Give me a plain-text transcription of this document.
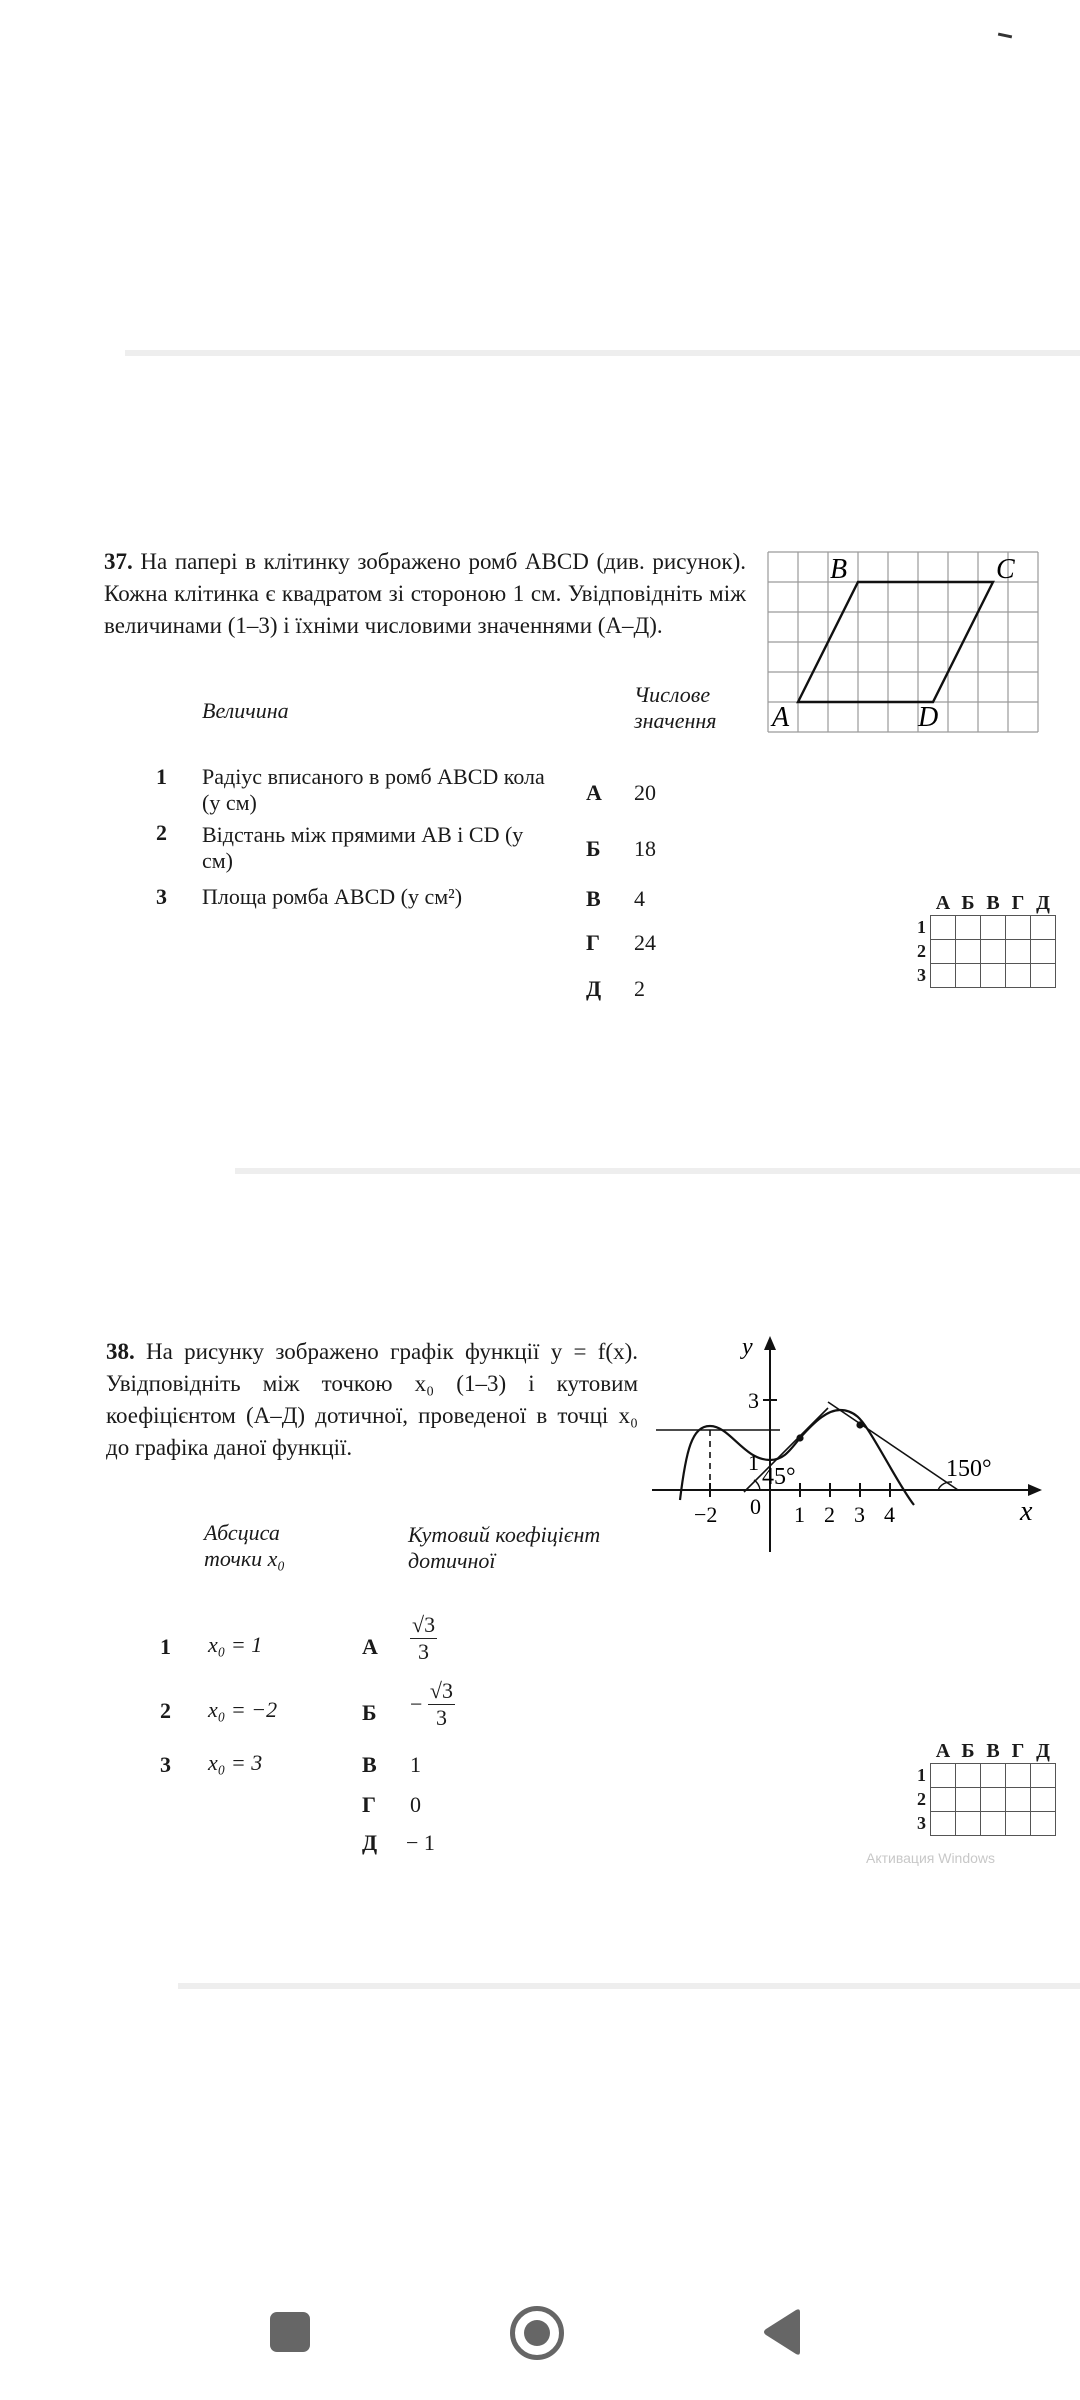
37. На папері в клітинку зображено ромб ABCD (див. рисунок). Кожна клітинка є квадратом зі стороною 1 см. Увідповідніть між величинами (1–3) і їхніми числовими значеннями (А–Д).
A
B	C
D
Величина
Числове значення
1 Радіус вписаного в ромб ABCD кола (у см)
2 Відстань між прямими AB і CD (у см)
3 Площа ромба ABCD (у см²)
А 20
Б 18
В 4
Г 24
Д 2
	А	Б	В	Г	Д
1					
2					
3					
38. На рисунку зображено графік функції y = f(x). Увідповідніть між точкою x₀ (1–3) і кутовим коефіцієнтом (А–Д) дотичної, проведеної в точці x₀ до графіка даної функції.
y
x
3
1
0
−2	1 2 3 4
45°	150°
Абсциса точки x₀
Кутовий коефіцієнт дотичної
1 x₀ = 1
2 x₀ = −2
3 x₀ = 3
А $\frac{√3}{3}$
$Б - \frac{√3}{3}$
В 1
Г 0
Д − 1
	А	Б	В	Г	Д
1					
2					
3					
Активация Windows
